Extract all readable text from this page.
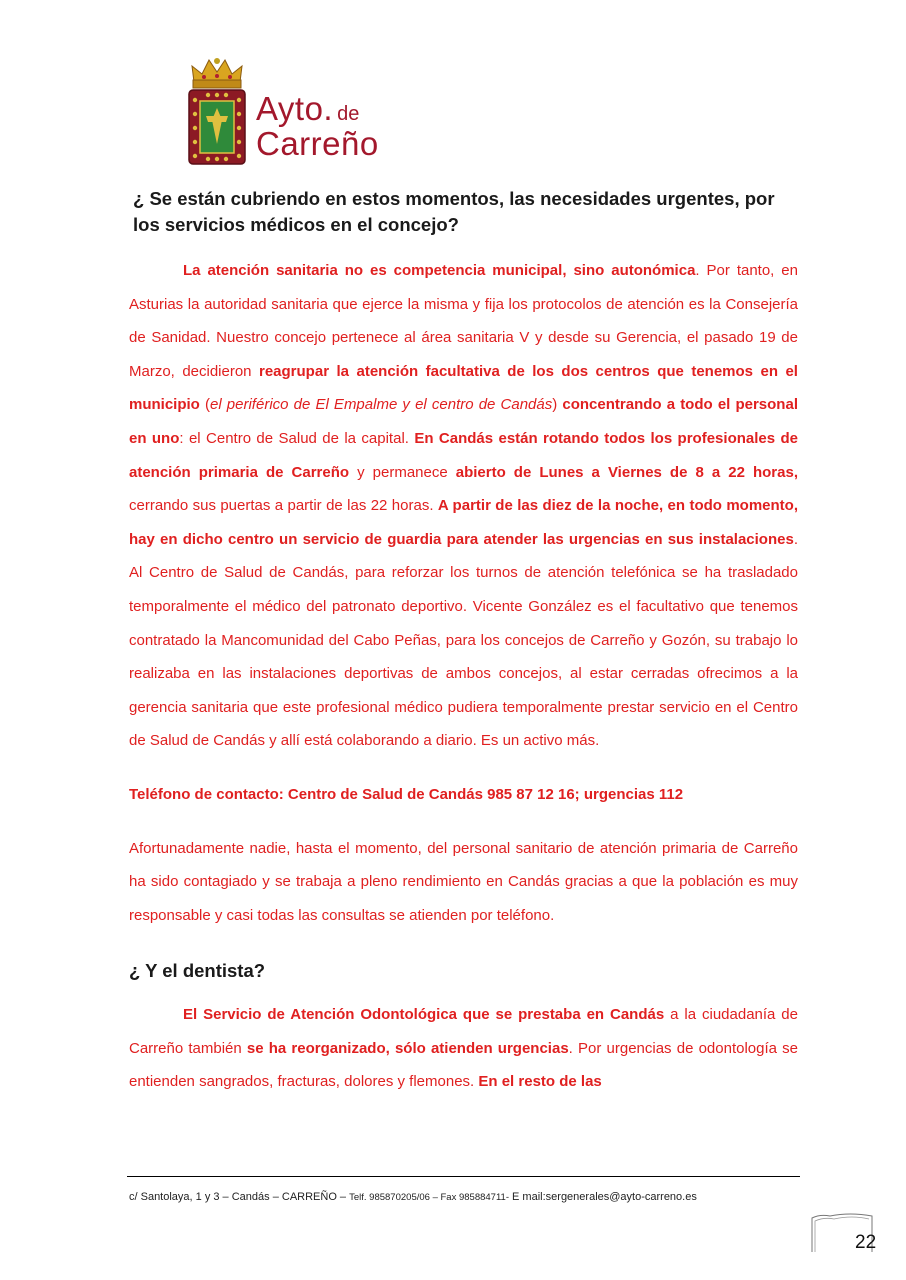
Ayto. de
Carreño

¿ Se están cubriendo en estos momentos, las necesidades urgentes, por los servicios médicos en el concejo?

La atención sanitaria no es competencia municipal, sino autonómica. Por tanto, en Asturias la autoridad sanitaria que ejerce la misma y fija los protocolos de atención es la Consejería de Sanidad. Nuestro concejo pertenece al área sanitaria V y desde su Gerencia, el pasado 19 de Marzo, decidieron reagrupar la atención facultativa de los dos centros que tenemos en el municipio (el periférico de El Empalme y el centro de Candás) concentrando a todo el personal en uno: el Centro de Salud de la capital. En Candás están rotando todos los profesionales de atención primaria de Carreño y permanece abierto de Lunes a Viernes de 8 a 22 horas, cerrando sus puertas a partir de las 22 horas. A partir de las diez de la noche, en todo momento, hay en dicho centro un servicio de guardia para atender las urgencias en sus instalaciones. Al Centro de Salud de Candás, para reforzar los turnos de atención telefónica se ha trasladado temporalmente el médico del patronato deportivo. Vicente González es el facultativo que tenemos contratado la Mancomunidad del Cabo Peñas, para los concejos de Carreño y Gozón, su trabajo lo realizaba en las instalaciones deportivas de ambos concejos, al estar cerradas ofrecimos a la gerencia sanitaria que este profesional médico pudiera temporalmente prestar servicio en el Centro de Salud de Candás y allí está colaborando a diario. Es un activo más.

Teléfono de contacto: Centro de Salud de Candás 985 87 12 16; urgencias 112

Afortunadamente nadie, hasta el momento, del personal sanitario de atención primaria de Carreño ha sido contagiado y se trabaja a pleno rendimiento en Candás gracias a que la población es muy responsable y casi todas las consultas se atienden por teléfono.

¿ Y el dentista?

El Servicio de Atención Odontológica que se prestaba en Candás a la ciudadanía de Carreño también se ha reorganizado, sólo atienden urgencias. Por urgencias de odontología se entienden sangrados, fracturas, dolores y flemones. En el resto de las

c/ Santolaya, 1 y 3 – Candás – CARREÑO – Telf. 985870205/06 – Fax 985884711- E mail:sergenerales@ayto-carreno.es
22
